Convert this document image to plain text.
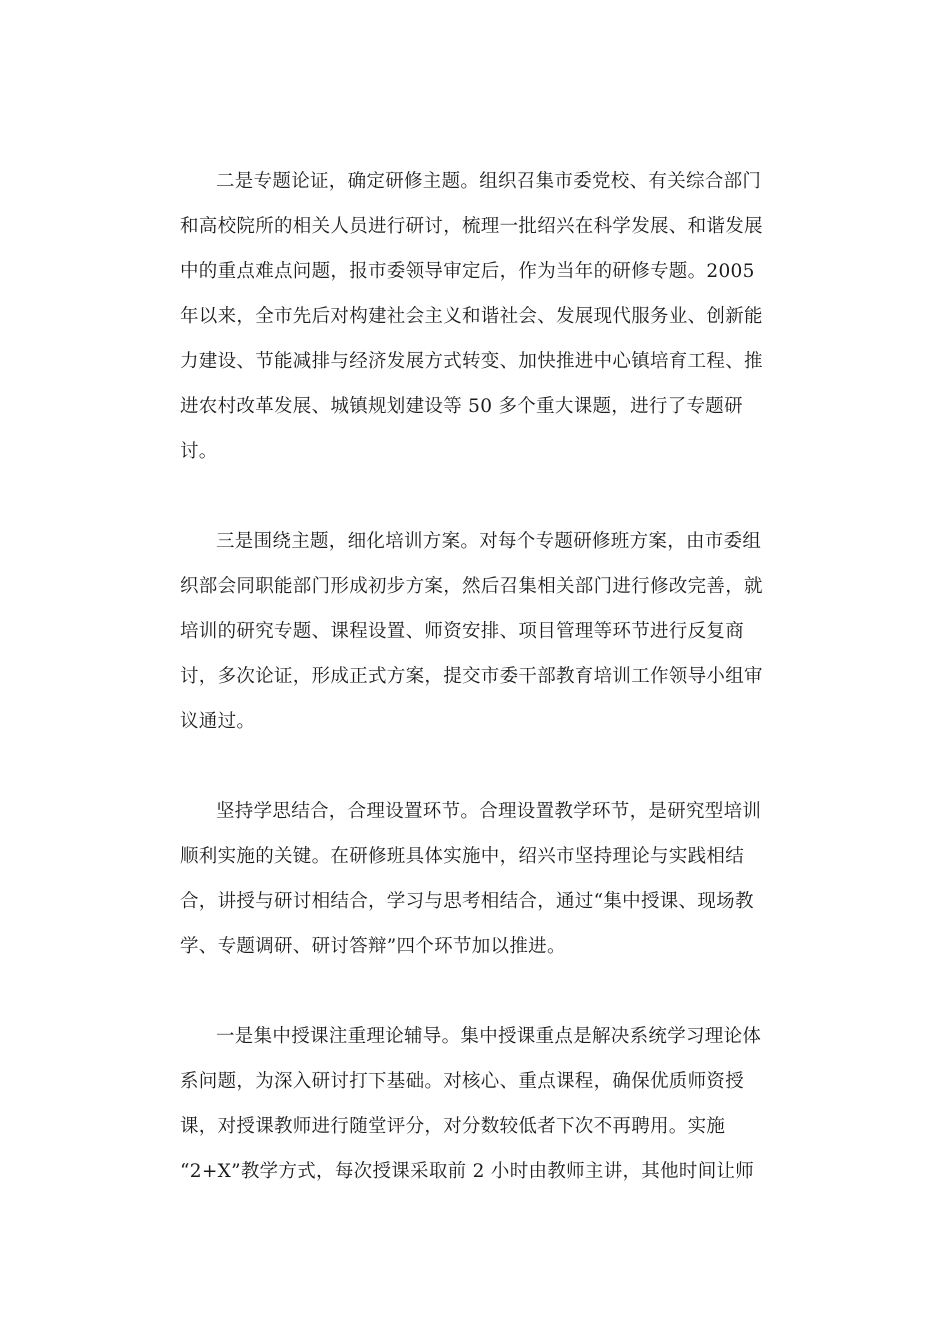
二是专题论证，确定研修主题。组织召集市委党校、有关综合部门
和高校院所的相关人员进行研讨，梳理一批绍兴在科学发展、和谐发展
中的重点难点问题，报市委领导审定后，作为当年的研修专题。2005
年以来，全市先后对构建社会主义和谐社会、发展现代服务业、创新能
力建设、节能减排与经济发展方式转变、加快推进中心镇培育工程、推
进农村改革发展、城镇规划建设等 50 多个重大课题，进行了专题研
讨。
三是围绕主题，细化培训方案。对每个专题研修班方案，由市委组
织部会同职能部门形成初步方案，然后召集相关部门进行修改完善，就
培训的研究专题、课程设置、师资安排、项目管理等环节进行反复商
讨，多次论证，形成正式方案，提交市委干部教育培训工作领导小组审
议通过。
坚持学思结合，合理设置环节。合理设置教学环节，是研究型培训
顺利实施的关键。在研修班具体实施中，绍兴市坚持理论与实践相结
合，讲授与研讨相结合，学习与思考相结合，通过“集中授课、现场教
学、专题调研、研讨答辩”四个环节加以推进。
一是集中授课注重理论辅导。集中授课重点是解决系统学习理论体
系问题，为深入研讨打下基础。对核心、重点课程，确保优质师资授
课，对授课教师进行随堂评分，对分数较低者下次不再聘用。实施
“2+X”教学方式，每次授课采取前 2 小时由教师主讲，其他时间让师
